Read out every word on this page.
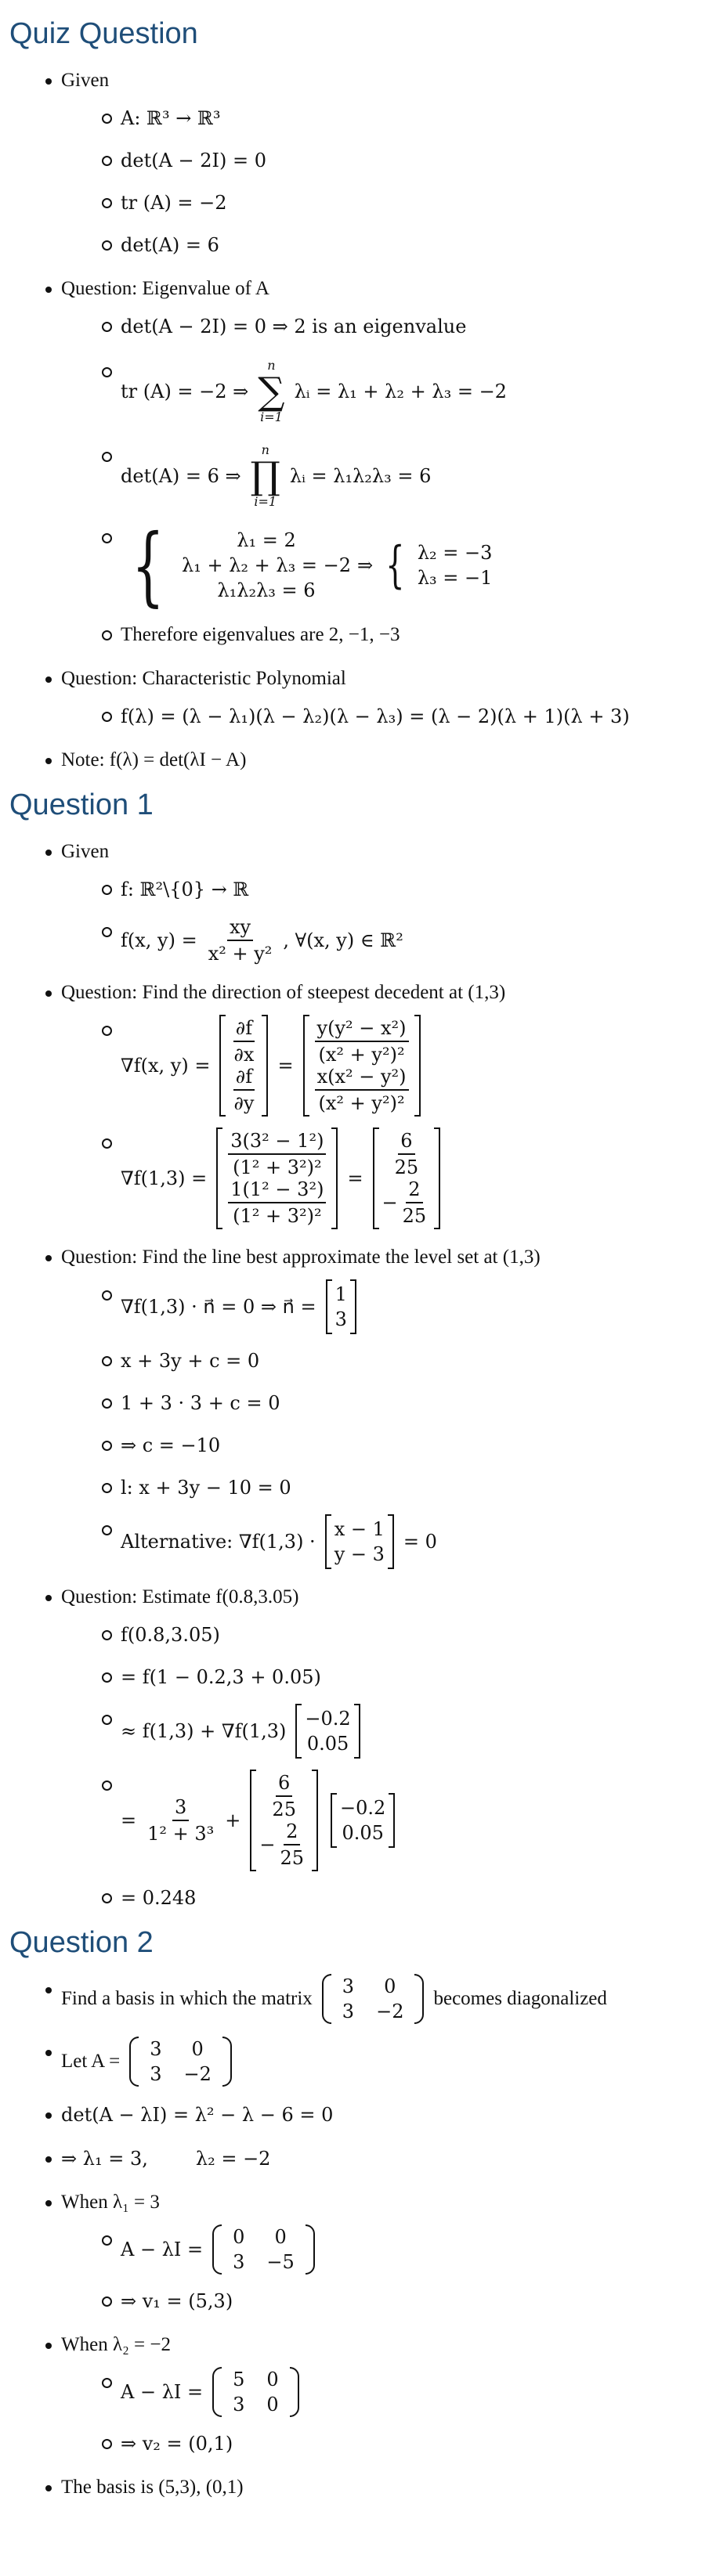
Quiz Question
Given
A: ℝ³ → ℝ³
det(A − 2I) = 0
tr (A) = −2
det(A) = 6
Question: Eigenvalue of A
det(A − 2I) = 0 ⇒ 2 is an eigenvalue
tr (A) = −2 ⇒
n
∑
i=1
λᵢ = λ₁ + λ₂ + λ₃ = −2
det(A) = 6 ⇒
n
∏
i=1
λᵢ = λ₁λ₂λ₃ = 6
{	λ₁ = 2
λ₁ + λ₂ + λ₃ = −2
λ₁λ₂λ₃ = 6
⇒ { λ₂ = −3
λ₃ = −1
Therefore eigenvalues are 2, −1, −3
Question: Characteristic Polynomial
f(λ) = (λ − λ₁)(λ − λ₂)(λ − λ₃) = (λ − 2)(λ + 1)(λ + 3)
Note: f(λ) = det(λI − A)
Question 1
Given
f: ℝ²\{0} → ℝ
f(x, $y) = \frac{xy}{\text{x² + y²}}$ , ∀(x, y) ∈ ℝ²
Question: Find the direction of steepest decedent at (1,3)
∇f(x, $y) = \frac{\partial f}{\partial x}$
$\frac{\partial f}{\partial y} = \frac{\text{y(y² − x²)}}{\text{(x² + y²)²}}$
$\frac{\text{x(x² − y²)}}{\text{(x² + y²)²}}$
$\nabla f(1,3) = \frac{\text{3(3² − 1²)}}{\text{(1² + 3²)²}}$
$\frac{\text{1(1² − 3²)}}{\text{(1² + 3²)²}} = \frac{6}{25}$
− $\frac{2}{25}$
Question: Find the line best approximate the level set at (1,3)
∇f(1,3) · n⃗ = 0 ⇒ n⃗ =
1
3
x + 3y + c = 0
1 + 3 · 3 + c = 0
⇒ c = −10
l: x + 3y − 10 = 0
Alternative: ∇f(1,3) ·
x − 1
y − 3
= 0
Question: Estimate f(0.8,3.05)
f(0.8,3.05)
= f(1 − 0.2,3 + 0.05)
≈ f(1,3) + ∇f(1,3)
−0.2
0.05
= $\frac{3}{\text{1² + 3³}} + \frac{6}{25}$
− $\frac{2}{25}$
−0.2
0.05
= 0.248
Question 2
Find a basis in which the matrix
3	0
3	−2
becomes diagonalized
Let A =
3	0
3	−2
det(A − λI) = λ² − λ − 6 = 0
⇒ λ₁ = 3,        λ₂ = −2
When λ₁ = 3
A − λI =
0	0
3	−5
⇒ v₁ = (5,3)
When λ₂ = −2
A − λI =
5	0
3	0
⇒ v₂ = (0,1)
The basis is (5,3), (0,1)
